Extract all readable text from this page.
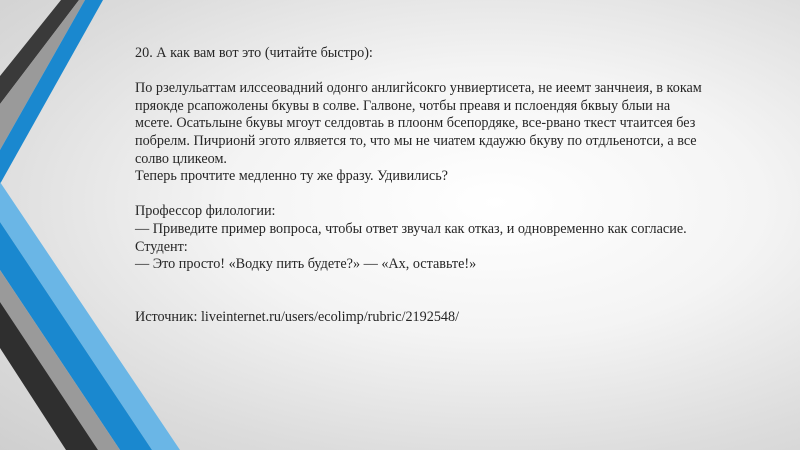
20. А как вам вот это (читайте быстро):

По рзелульаттам илссеовадний одонго анлигйсокго унвиертисета, не иеемт занчнеия, в кокам

пряокде рсапожолены бкувы в солве. Галвоне, чотбы преавя и пслоендяя бквыу блыи на

мсете. Осатьлыне бкувы мгоут селдовтаь в плоонм бсепордяке, все-рвано ткест чтаитсея без

побрелм. Пичрионй эгото ялвяется то, что мы не чиатем кдаужю бкуву по отдльенотси, а все

солво цликеом.

Теперь прочтите медленно ту же фразу. Удивились?

Профессор филологии:

— Приведите пример вопроса, чтобы ответ звучал как отказ, и одновременно как согласие.

Студент:

— Это просто! «Водку пить будете?» — «Ах, оставьте!»

Источник: liveinternet.ru/users/ecolimp/rubric/2192548/
